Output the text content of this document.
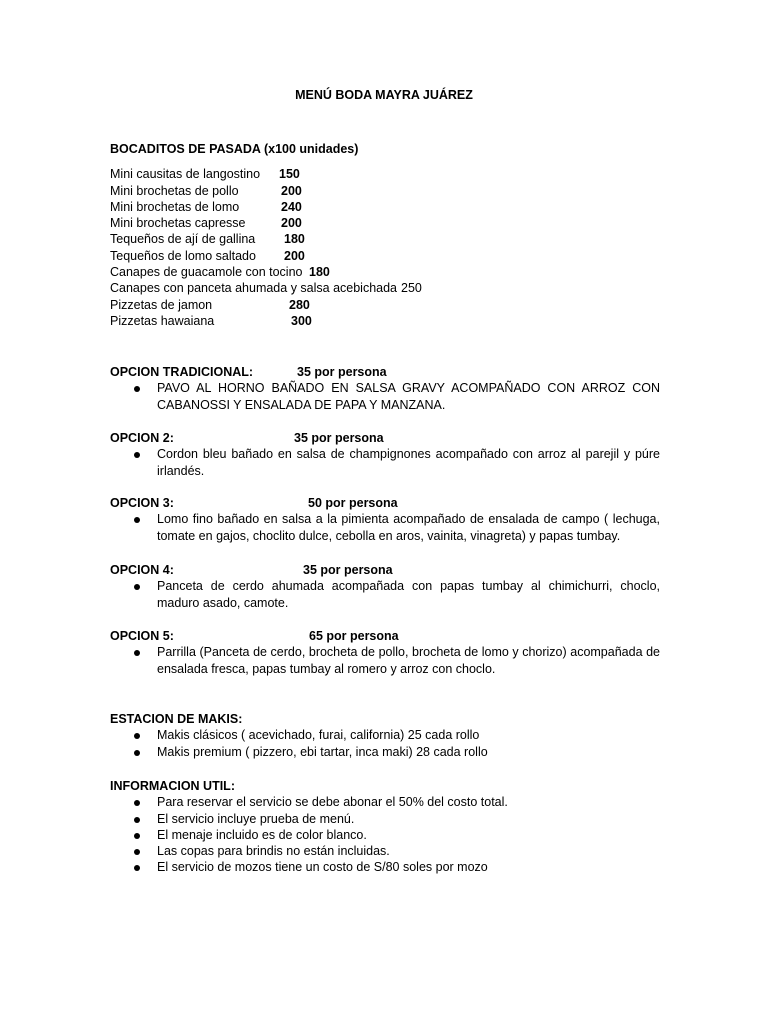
MENÚ BODA MAYRA JUÁREZ
BOCADITOS DE PASADA (x100 unidades)
Mini causitas de langostino 150
Mini brochetas de pollo	200
Mini brochetas de lomo	240
Mini brochetas capresse	200
Tequeños de ají de gallina 180
Tequeños de lomo saltado 200
Canapes de guacamole con tocino 180
Canapes con panceta ahumada y salsa acebichada 250
Pizzetas de jamon	280
Pizzetas hawaiana	300
OPCION TRADICIONAL:	35 por persona
PAVO AL HORNO BAÑADO EN SALSA GRAVY ACOMPAÑADO CON ARROZ CON CABANOSSI Y ENSALADA DE PAPA Y MANZANA.
OPCION 2:	35 por persona
Cordon bleu bañado en salsa de champignones acompañado con arroz al parejil y púre irlandés.
OPCION 3:	50 por persona
Lomo fino bañado en salsa a la pimienta acompañado de ensalada de campo ( lechuga, tomate en gajos, choclito dulce, cebolla en aros, vainita, vinagreta) y papas tumbay.
OPCION 4:	35 por persona
Panceta de cerdo ahumada acompañada con papas tumbay al chimichurri, choclo, maduro asado, camote.
OPCION 5:	65 por persona
Parrilla (Panceta de cerdo, brocheta de pollo, brocheta de lomo y chorizo) acompañada de ensalada fresca, papas tumbay al romero y arroz con choclo.
ESTACION DE MAKIS:
Makis clásicos ( acevichado, furai, california) 25 cada rollo
Makis premium ( pizzero, ebi tartar, inca maki) 28 cada rollo
INFORMACION UTIL:
Para reservar el servicio se debe abonar el 50% del costo total.
El servicio incluye prueba de menú.
El menaje incluido es de color blanco.
Las copas para brindis no están incluidas.
El servicio de mozos tiene un costo de S/80 soles por mozo
